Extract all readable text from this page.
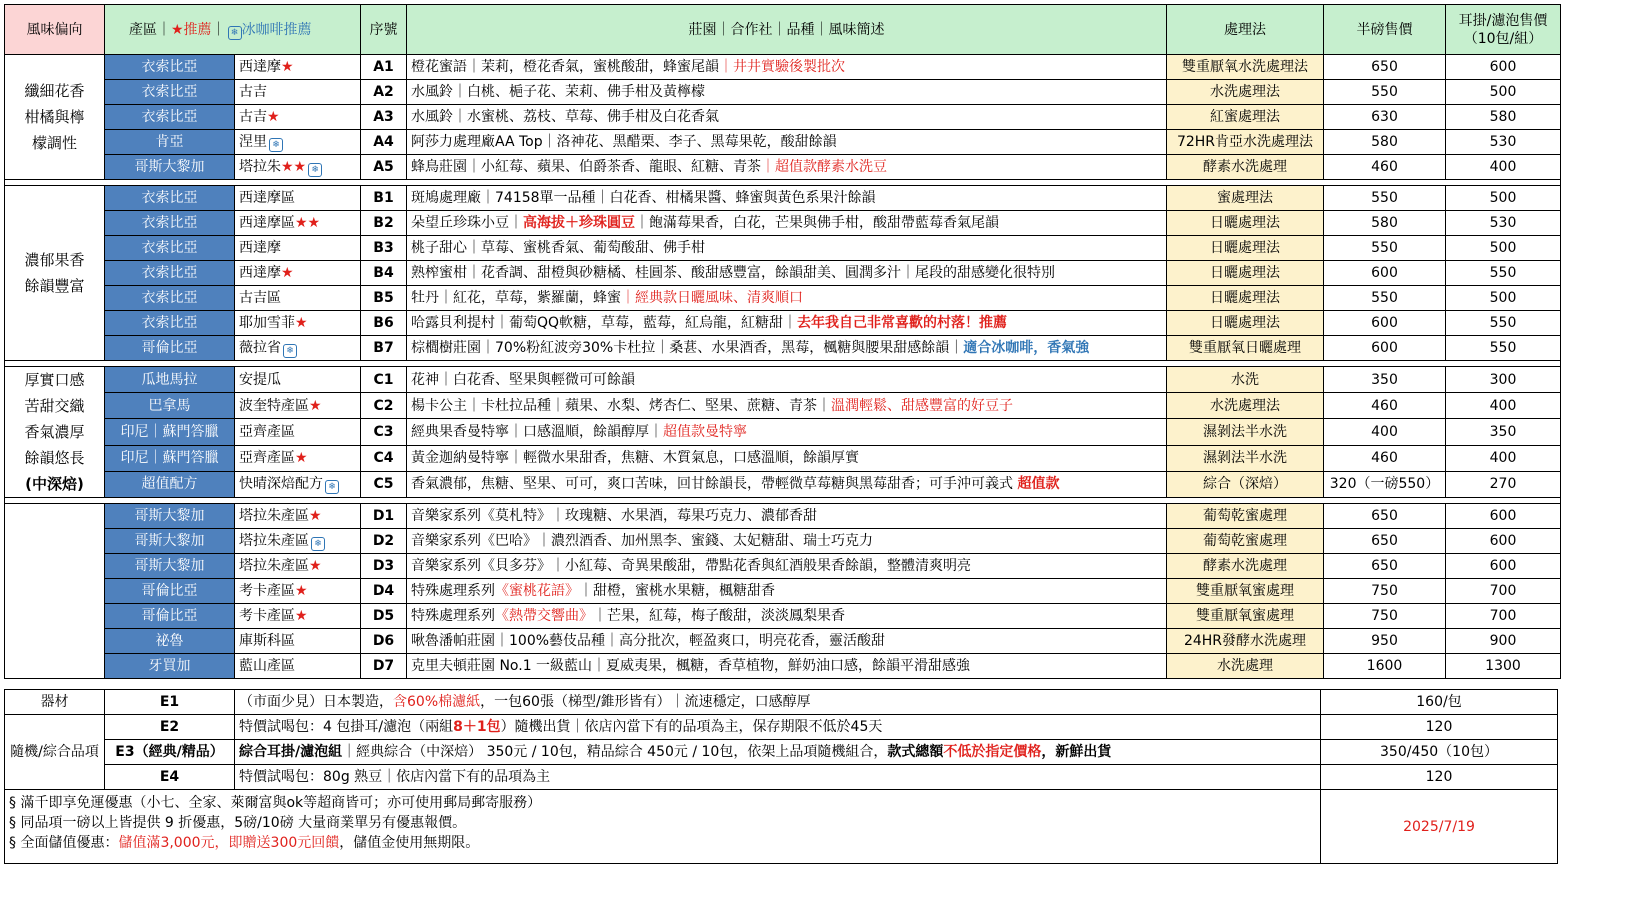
風味偏向	產區｜★推薦｜ ❄ 冰咖啡推薦		序號	莊園｜合作社｜品種｜風味簡述	處理法	半磅售價	耳掛/濾泡售價
（10包/組）

纖細花香
柑橘與檸
檬調性	衣索比亞	西達摩★	A1	橙花蜜語｜茉莉，橙花香氣，蜜桃酸甜，蜂蜜尾韻｜井井實驗後製批次	雙重厭氧水洗處理法	650	600
	衣索比亞	古吉	A2	水風鈴｜白桃、梔子花、茉莉、佛手柑及黃檸檬	水洗處理法	550	500
	衣索比亞	古吉★	A3	水風鈴｜水蜜桃、荔枝、草莓、佛手柑及白花香氣	紅蜜處理法	630	580
	肯亞	涅里 ❄	A4	阿莎力處理廠AA Top｜洛神花、黑醋栗、李子、黑莓果乾，酸甜餘韻	72HR肯亞水洗處理法	580	530
	哥斯大黎加	塔拉朱★★ ❄	A5	蜂鳥莊園｜小紅莓、蘋果、伯爵茶香、龍眼、紅糖、青茶｜超值款酵素水洗豆	酵素水洗處理	460	400

濃郁果香
餘韻豐富	衣索比亞	西達摩區	B1	斑鳩處理廠｜74158單一品種｜白花香、柑橘果醬、蜂蜜與黃色系果汁餘韻	蜜處理法	550	500
	衣索比亞	西達摩區★★	B2	朵望丘珍珠小豆｜高海拔＋珍珠圓豆｜飽滿莓果香，白花，芒果與佛手柑，酸甜帶藍莓香氣尾韻	日曬處理法	580	530
	衣索比亞	西達摩	B3	桃子甜心｜草莓、蜜桃香氣、葡萄酸甜、佛手柑	日曬處理法	550	500
	衣索比亞	西達摩★	B4	熟榨蜜柑｜花香調、甜橙與砂糖橘、桂圓茶、酸甜感豐富，餘韻甜美、圓潤多汁｜尾段的甜感變化很特別	日曬處理法	600	550
	衣索比亞	古吉區	B5	牡丹｜紅花，草莓，紫羅蘭，蜂蜜｜經典款日曬風味、清爽順口	日曬處理法	550	500
	衣索比亞	耶加雪菲★	B6	哈露貝利提村｜葡萄QQ軟糖，草莓，藍莓，紅烏龍，紅糖甜｜去年我自己非常喜歡的村落！推薦	日曬處理法	600	550
	哥倫比亞	薇拉省 ❄	B7	棕櫚樹莊園｜70%粉紅波旁30%卡杜拉｜桑葚、水果酒香，黑莓，楓糖與腰果甜感餘韻｜適合冰咖啡，香氣強	雙重厭氧日曬處理	600	550

厚實口感
苦甜交織
香氣濃厚
餘韻悠長
(中深焙)	瓜地馬拉	安提瓜	C1	花神｜白花香、堅果與輕微可可餘韻	水洗	350	300
	巴拿馬	波奎特產區★	C2	楊卡公主｜卡杜拉品種｜蘋果、水梨、烤杏仁、堅果、蔗糖、青茶｜溫潤輕鬆、甜感豐富的好豆子	水洗處理法	460	400
	印尼｜蘇門答臘	亞齊產區	C3	經典果香曼特寧｜口感溫順，餘韻醇厚｜超值款曼特寧	濕剝法半水洗	400	350
	印尼｜蘇門答臘	亞齊產區★	C4	黃金迦納曼特寧｜輕微水果甜香，焦糖、木質氣息，口感溫順，餘韻厚實	濕剝法半水洗	460	400
	超值配方	快晴深焙配方 ❄	C5	香氣濃郁，焦糖、堅果、可可，爽口苦味，回甘餘韻長，帶輕微草莓糖與黑莓甜香；可手沖可義式 超值款	綜合（深焙）	320（一磅550）	270

	哥斯大黎加	塔拉朱產區★	D1	音樂家系列《莫札特》｜玫瑰糖、水果酒，莓果巧克力、濃郁香甜	葡萄乾蜜處理	650	600
	哥斯大黎加	塔拉朱產區 ❄	D2	音樂家系列《巴哈》｜濃烈酒香、加州黑李、蜜錢、太妃糖甜、瑞士巧克力	葡萄乾蜜處理	650	600
	哥斯大黎加	塔拉朱產區★	D3	音樂家系列《貝多芬》｜小紅莓、奇異果酸甜，帶點花香與紅酒般果香餘韻，整體清爽明亮	酵素水洗處理	650	600
	哥倫比亞	考卡產區★	D4	特殊處理系列《蜜桃花語》｜甜橙，蜜桃水果糖，楓糖甜香	雙重厭氧蜜處理	750	700
	哥倫比亞	考卡產區★	D5	特殊處理系列《熱帶交響曲》｜芒果，紅莓，梅子酸甜，淡淡鳳梨果香	雙重厭氧蜜處理	750	700
	祕魯	庫斯科區	D6	啾魯潘帕莊園｜100%藝伎品種｜高分批次，輕盈爽口，明亮花香，靈活酸甜	24HR發酵水洗處理	950	900
	牙買加	藍山產區	D7	克里夫頓莊園 No.1 一級藍山｜夏威夷果，楓糖，香草植物，鮮奶油口感，餘韻平滑甜感強	水洗處理	1600	1300
器材	E1	（市面少見）日本製造，含60%棉濾紙，一包60張（梯型/錐形皆有）｜流速穩定，口感醇厚	160/包
隨機/綜合品項	E2	特價試喝包：4 包掛耳/濾泡（兩組8＋1包）隨機出貨｜依店內當下有的品項為主，保存期限不低於45天	120
	E3（經典/精品）	綜合耳掛/濾泡組｜經典綜合（中深焙） 350元 / 10包，精品綜合 450元 / 10包，依架上品項隨機組合，款式總額不低於指定價格，新鮮出貨	350/450（10包）
	E4	特價試喝包：80g 熟豆｜依店內當下有的品項為主	120

§ 滿千即享免運優惠（小七、全家、萊爾富與ok等超商皆可；亦可使用郵局郵寄服務）
§ 同品項一磅以上皆提供 9 折優惠，5磅/10磅 大量商業單另有優惠報價。
§ 全面儲值優惠：儲值滿3,000元，即贈送300元回饋，儲值金使用無期限。			2025/7/19
